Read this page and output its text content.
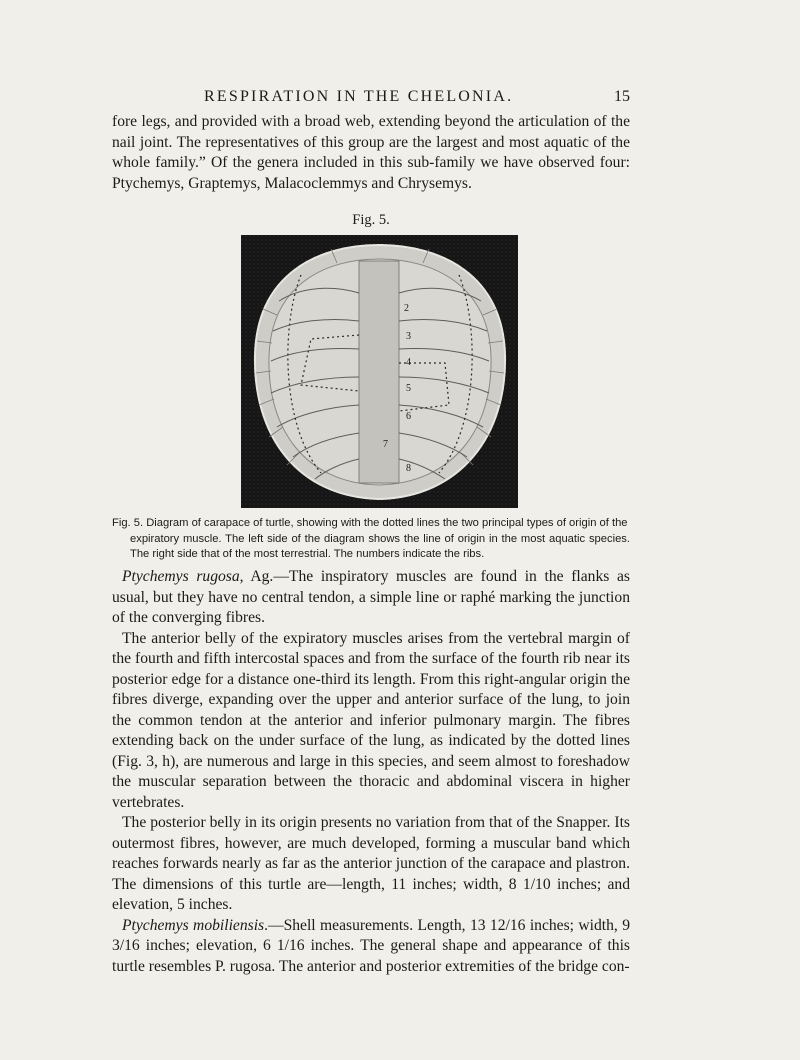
RESPIRATION IN THE CHELONIA.	15

fore legs, and provided with a broad web, extending beyond the articulation of the nail joint. The representatives of this group are the largest and most aquatic of the whole family.” Of the genera included in this sub-family we have observed four: Ptychemys, Graptemys, Malacoclemmys and Chrysemys.

Fig. 5.
2
3
4
5
6
7
8
Fig. 5. Diagram of carapace of turtle, showing with the dotted lines the two principal types of origin of the
expiratory muscle. The left side of the diagram shows the line of origin in the most aquatic species. The right side that of the most terrestrial. The numbers indicate the ribs.

Ptychemys rugosa, Ag.—The inspiratory muscles are found in the flanks as usual, but they have no central tendon, a simple line or raphé marking the junction of the converging fibres.

The anterior belly of the expiratory muscles arises from the vertebral margin of the fourth and fifth intercostal spaces and from the surface of the fourth rib near its posterior edge for a distance one-third its length. From this right-angular origin the fibres diverge, expanding over the upper and anterior surface of the lung, to join the common tendon at the anterior and inferior pulmonary margin. The fibres extending back on the under surface of the lung, as indicated by the dotted lines (Fig. 3, h), are numerous and large in this species, and seem almost to foreshadow the muscular separation between the thoracic and abdominal viscera in higher vertebrates.

The posterior belly in its origin presents no variation from that of the Snapper. Its outermost fibres, however, are much developed, forming a muscular band which reaches forwards nearly as far as the anterior junction of the carapace and plastron. The dimensions of this turtle are—length, 11 inches; width, 8 1/10 inches; and elevation, 5 inches.

Ptychemys mobiliensis.—Shell measurements. Length, 13 12/16 inches; width, 9 3/16 inches; elevation, 6 1/16 inches. The general shape and appearance of this turtle resembles P. rugosa. The anterior and posterior extremities of the bridge con-
